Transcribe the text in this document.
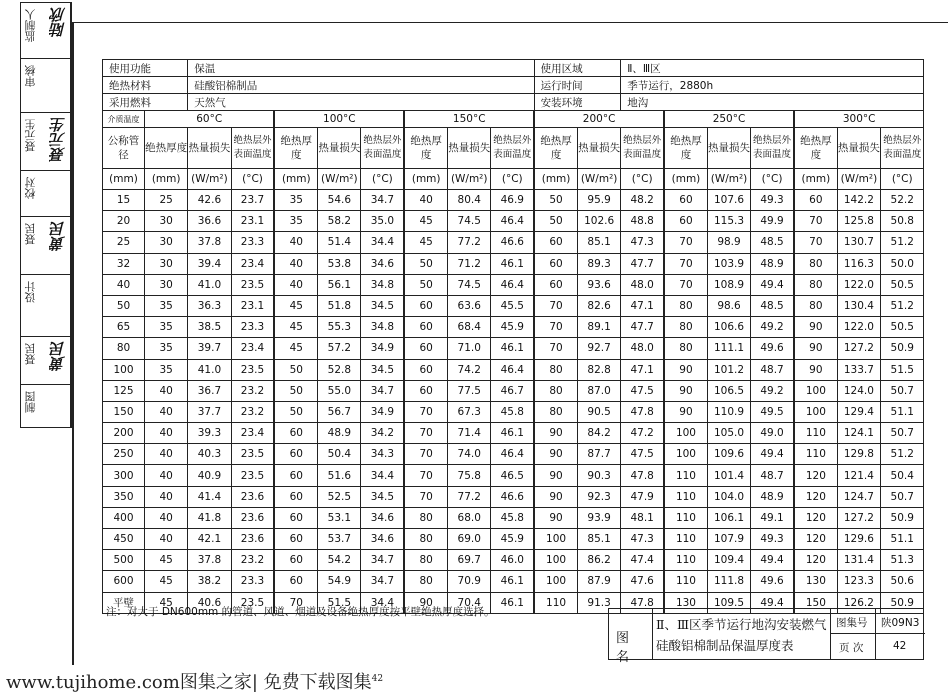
监制人 陆欣
审核
聂元生 聂元生
校对
聂民 黄民
设计
聂民 黄民
制图
使用功能		保温								使用区域		Ⅱ、Ⅲ区						
绝热材料		硅酸铝棉制品								运行时间		季节运行，2880h						
采用燃料		天然气								安装环境		地沟						
介质温度	60°C			100°C			150°C			200°C			250°C			300°C		
公称管径	绝热厚度	热量损失	绝热层外表面温度	绝热厚度	热量损失	绝热层外表面温度	绝热厚度	热量损失	绝热层外表面温度	绝热厚度	热量损失	绝热层外表面温度	绝热厚度	热量损失	绝热层外表面温度	绝热厚度	热量损失	绝热层外表面温度
(mm)	(mm)	(W/m²)	(°C)	(mm)	(W/m²)	(°C)	(mm)	(W/m²)	(°C)	(mm)	(W/m²)	(°C)	(mm)	(W/m²)	(°C)	(mm)	(W/m²)	(°C)
15	25	42.6	23.7	35	54.6	34.7	40	80.4	46.9	50	95.9	48.2	60	107.6	49.3	60	142.2	52.2
20	30	36.6	23.1	35	58.2	35.0	45	74.5	46.4	50	102.6	48.8	60	115.3	49.9	70	125.8	50.8
25	30	37.8	23.3	40	51.4	34.4	45	77.2	46.6	60	85.1	47.3	70	98.9	48.5	70	130.7	51.2
32	30	39.4	23.4	40	53.8	34.6	50	71.2	46.1	60	89.3	47.7	70	103.9	48.9	80	116.3	50.0
40	30	41.0	23.5	40	56.1	34.8	50	74.5	46.4	60	93.6	48.0	70	108.9	49.4	80	122.0	50.5
50	35	36.3	23.1	45	51.8	34.5	60	63.6	45.5	70	82.6	47.1	80	98.6	48.5	80	130.4	51.2
65	35	38.5	23.3	45	55.3	34.8	60	68.4	45.9	70	89.1	47.7	80	106.6	49.2	90	122.0	50.5
80	35	39.7	23.4	45	57.2	34.9	60	71.0	46.1	70	92.7	48.0	80	111.1	49.6	90	127.2	50.9
100	35	41.0	23.5	50	52.8	34.5	60	74.2	46.4	80	82.8	47.1	90	101.2	48.7	90	133.7	51.5
125	40	36.7	23.2	50	55.0	34.7	60	77.5	46.7	80	87.0	47.5	90	106.5	49.2	100	124.0	50.7
150	40	37.7	23.2	50	56.7	34.9	70	67.3	45.8	80	90.5	47.8	90	110.9	49.5	100	129.4	51.1
200	40	39.3	23.4	60	48.9	34.2	70	71.4	46.1	90	84.2	47.2	100	105.0	49.0	110	124.1	50.7
250	40	40.3	23.5	60	50.4	34.3	70	74.0	46.4	90	87.7	47.5	100	109.6	49.4	110	129.8	51.2
300	40	40.9	23.5	60	51.6	34.4	70	75.8	46.5	90	90.3	47.8	110	101.4	48.7	120	121.4	50.4
350	40	41.4	23.6	60	52.5	34.5	70	77.2	46.6	90	92.3	47.9	110	104.0	48.9	120	124.7	50.7
400	40	41.8	23.6	60	53.1	34.6	80	68.0	45.8	90	93.9	48.1	110	106.1	49.1	120	127.2	50.9
450	40	42.1	23.6	60	53.7	34.6	80	69.0	45.9	100	85.1	47.3	110	107.9	49.3	120	129.6	51.1
500	45	37.8	23.2	60	54.2	34.7	80	69.7	46.0	100	86.2	47.4	110	109.4	49.4	120	131.4	51.3
600	45	38.2	23.3	60	54.9	34.7	80	70.9	46.1	100	87.9	47.6	110	111.8	49.6	130	123.3	50.6
平壁	45	40.6	23.5	70	51.5	34.4	90	70.4	46.1	110	91.3	47.8	130	109.5	49.4	150	126.2	50.9
注：对大于 DN600mm 的管道、风道、烟道及设备绝热厚度按平壁绝热厚度选择。
图 名
Ⅱ、Ⅲ区季节运行地沟安装燃气
硅酸铝棉制品保温厚度表
图集号 陕09N3
页 次	42
www.tujihome.com图集之家| 免费下载图集$^{42}$
